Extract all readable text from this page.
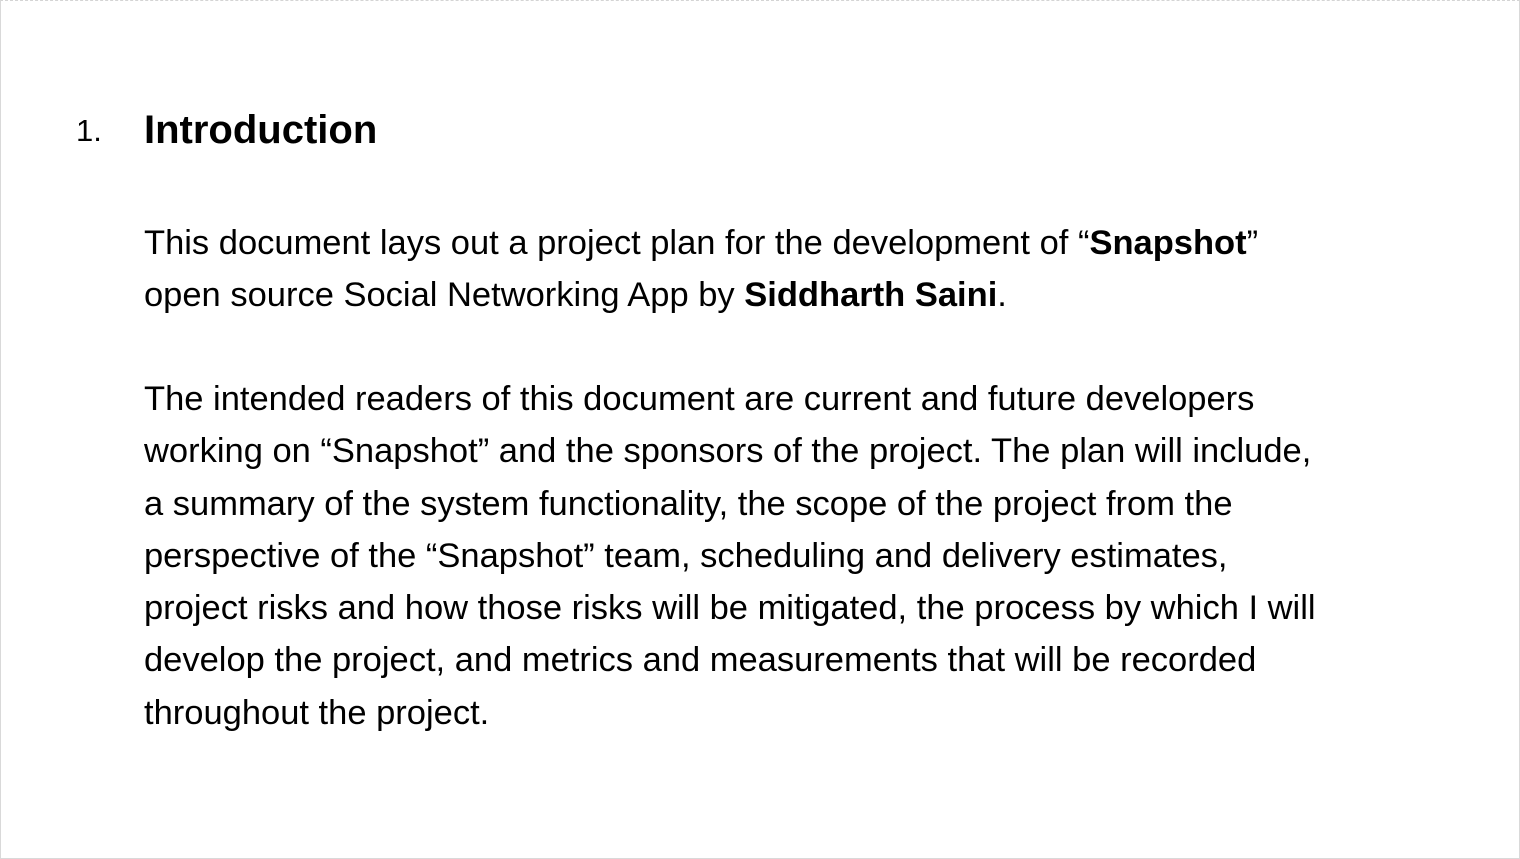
1. Introduction

This document lays out a project plan for the development of “Snapshot”
open source Social Networking App by Siddharth Saini.

The intended readers of this document are current and future developers
working on “Snapshot” and the sponsors of the project. The plan will include,
a summary of the system functionality, the scope of the project from the
perspective of the “Snapshot” team, scheduling and delivery estimates,
project risks and how those risks will be mitigated, the process by which I will
develop the project, and metrics and measurements that will be recorded
throughout the project.
